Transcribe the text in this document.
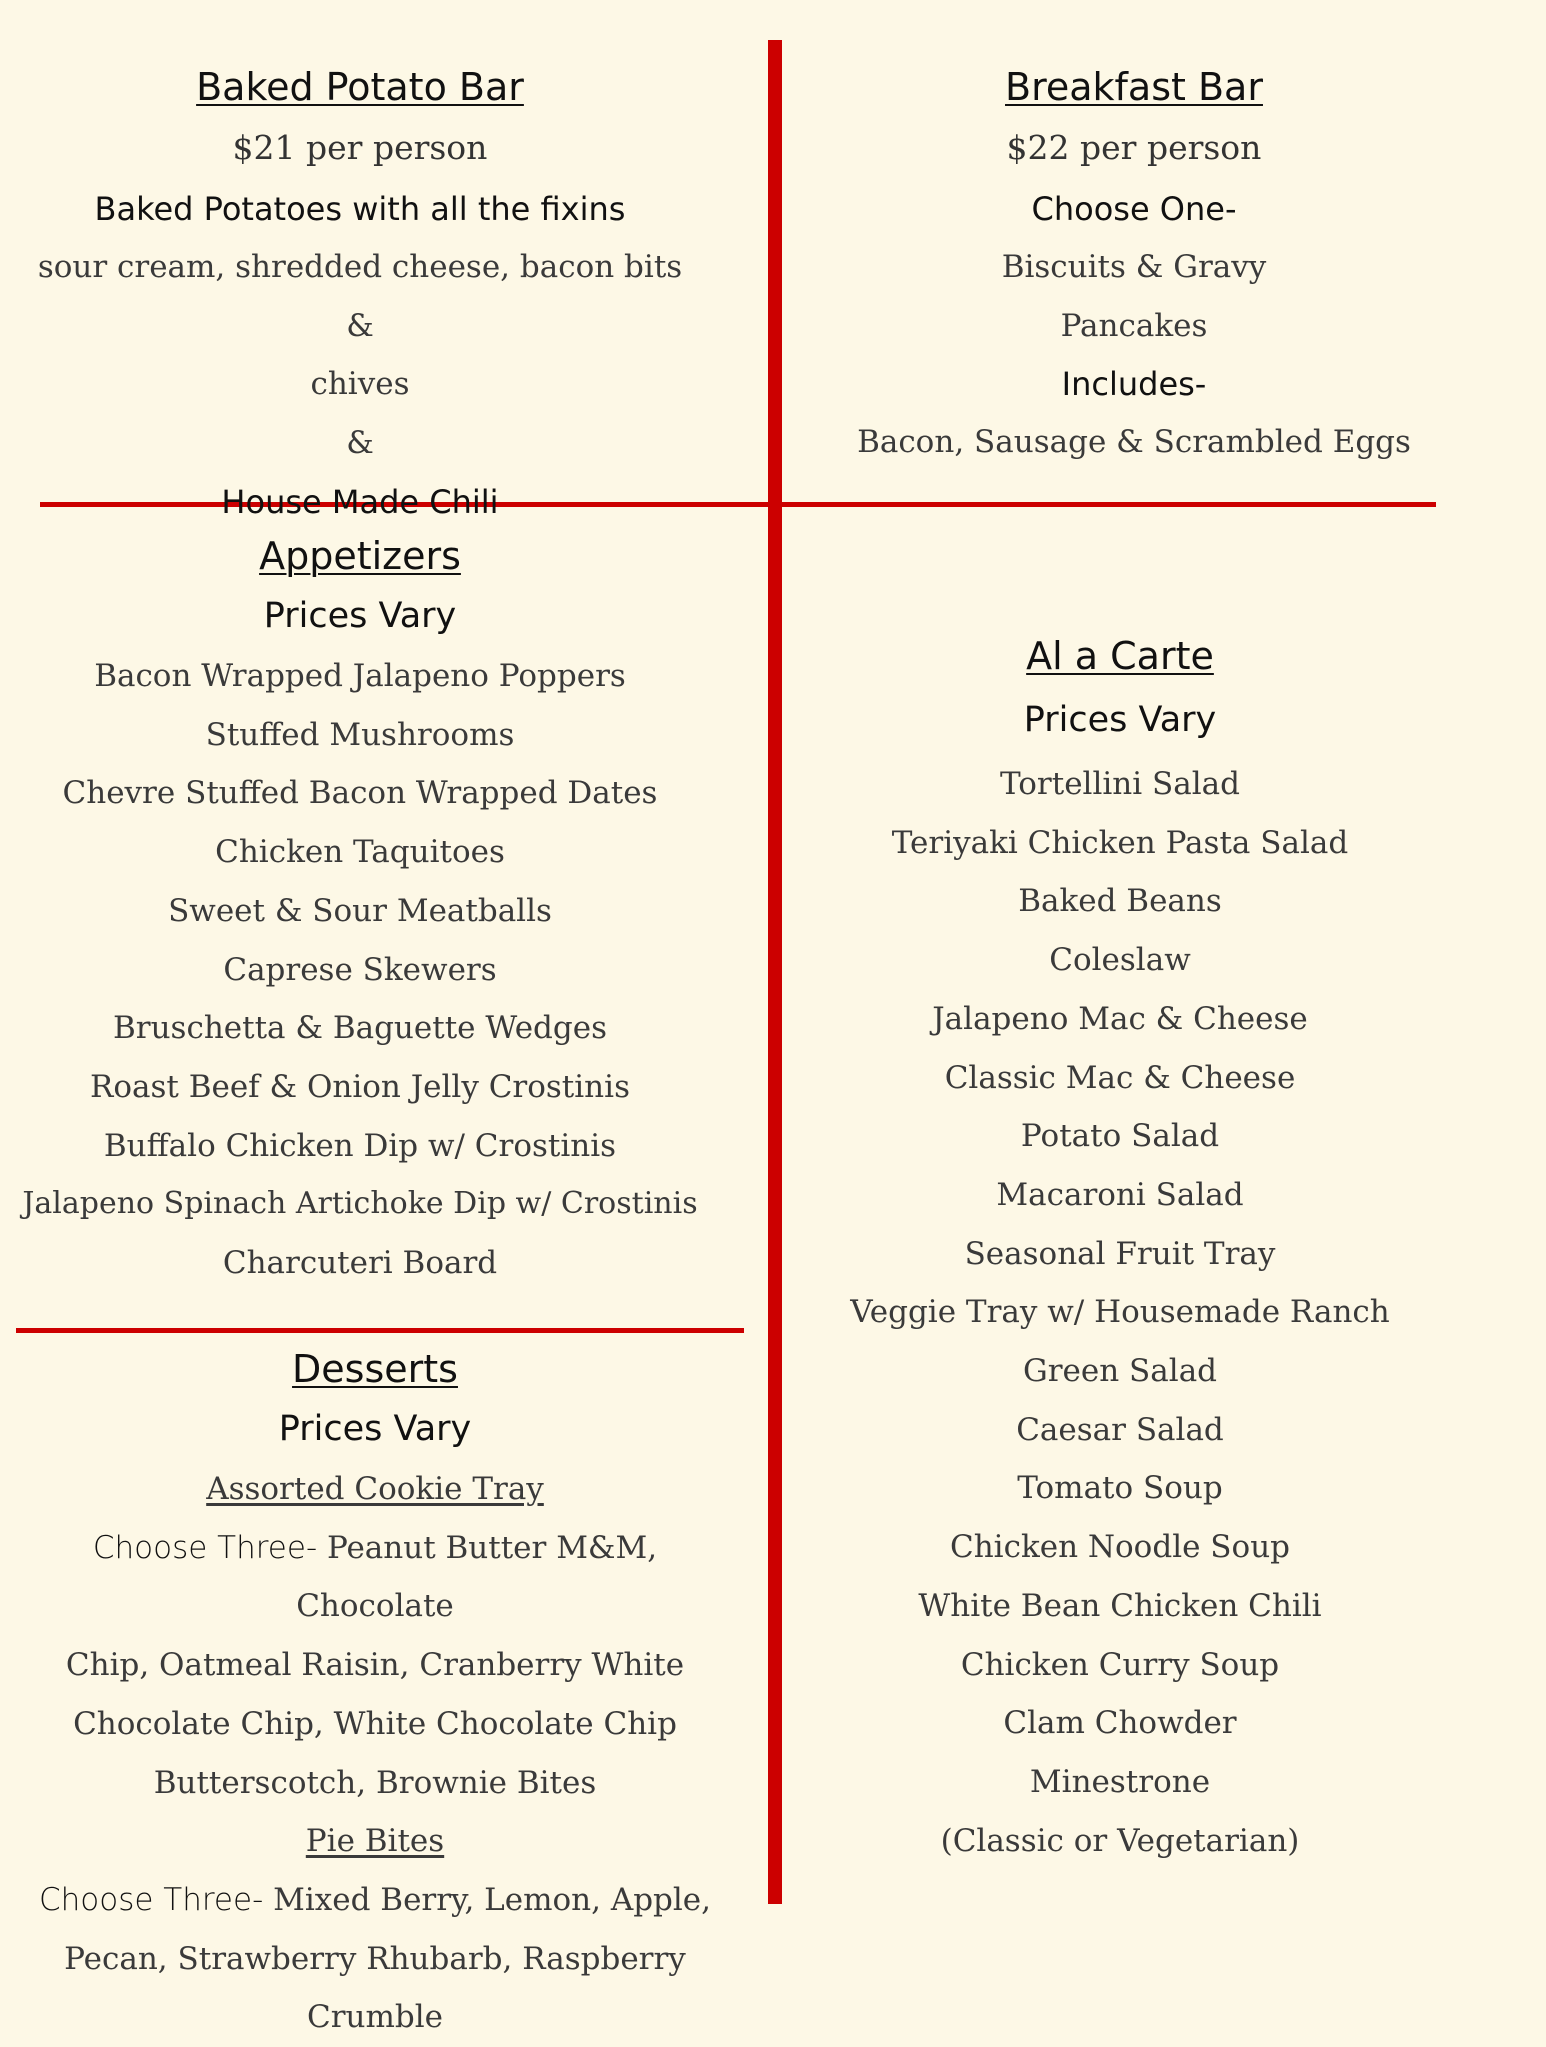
Baked Potato Bar
$21 per person
Baked Potatoes with all the fixins
sour cream, shredded cheese, bacon bits &
chives
&
House Made Chili
Breakfast Bar
$22 per person
Choose One-
Biscuits & Gravy
Pancakes
Includes-
Bacon, Sausage & Scrambled Eggs
Appetizers
Prices Vary
Bacon Wrapped Jalapeno Poppers
Stuffed Mushrooms
Chevre Stuffed Bacon Wrapped Dates
Chicken Taquitoes
Sweet & Sour Meatballs
Caprese Skewers
Bruschetta & Baguette Wedges
Roast Beef & Onion Jelly Crostinis
Buffalo Chicken Dip w/ Crostinis
Jalapeno Spinach Artichoke Dip w/ Crostinis
Charcuteri Board
Desserts
Prices Vary
Assorted Cookie Tray
Choose Three- Peanut Butter M&M, Chocolate
Chip, Oatmeal Raisin, Cranberry White
Chocolate Chip, White Chocolate Chip
Butterscotch, Brownie Bites
Pie Bites
Choose Three- Mixed Berry, Lemon, Apple,
Pecan, Strawberry Rhubarb, Raspberry
Crumble
Al a Carte
Prices Vary
Tortellini Salad
Teriyaki Chicken Pasta Salad
Baked Beans
Coleslaw
Jalapeno Mac & Cheese
Classic Mac & Cheese
Potato Salad
Macaroni Salad
Seasonal Fruit Tray
Veggie Tray w/ Housemade Ranch
Green Salad
Caesar Salad
Tomato Soup
Chicken Noodle Soup
White Bean Chicken Chili
Chicken Curry Soup
Clam Chowder
Minestrone
(Classic or Vegetarian)
